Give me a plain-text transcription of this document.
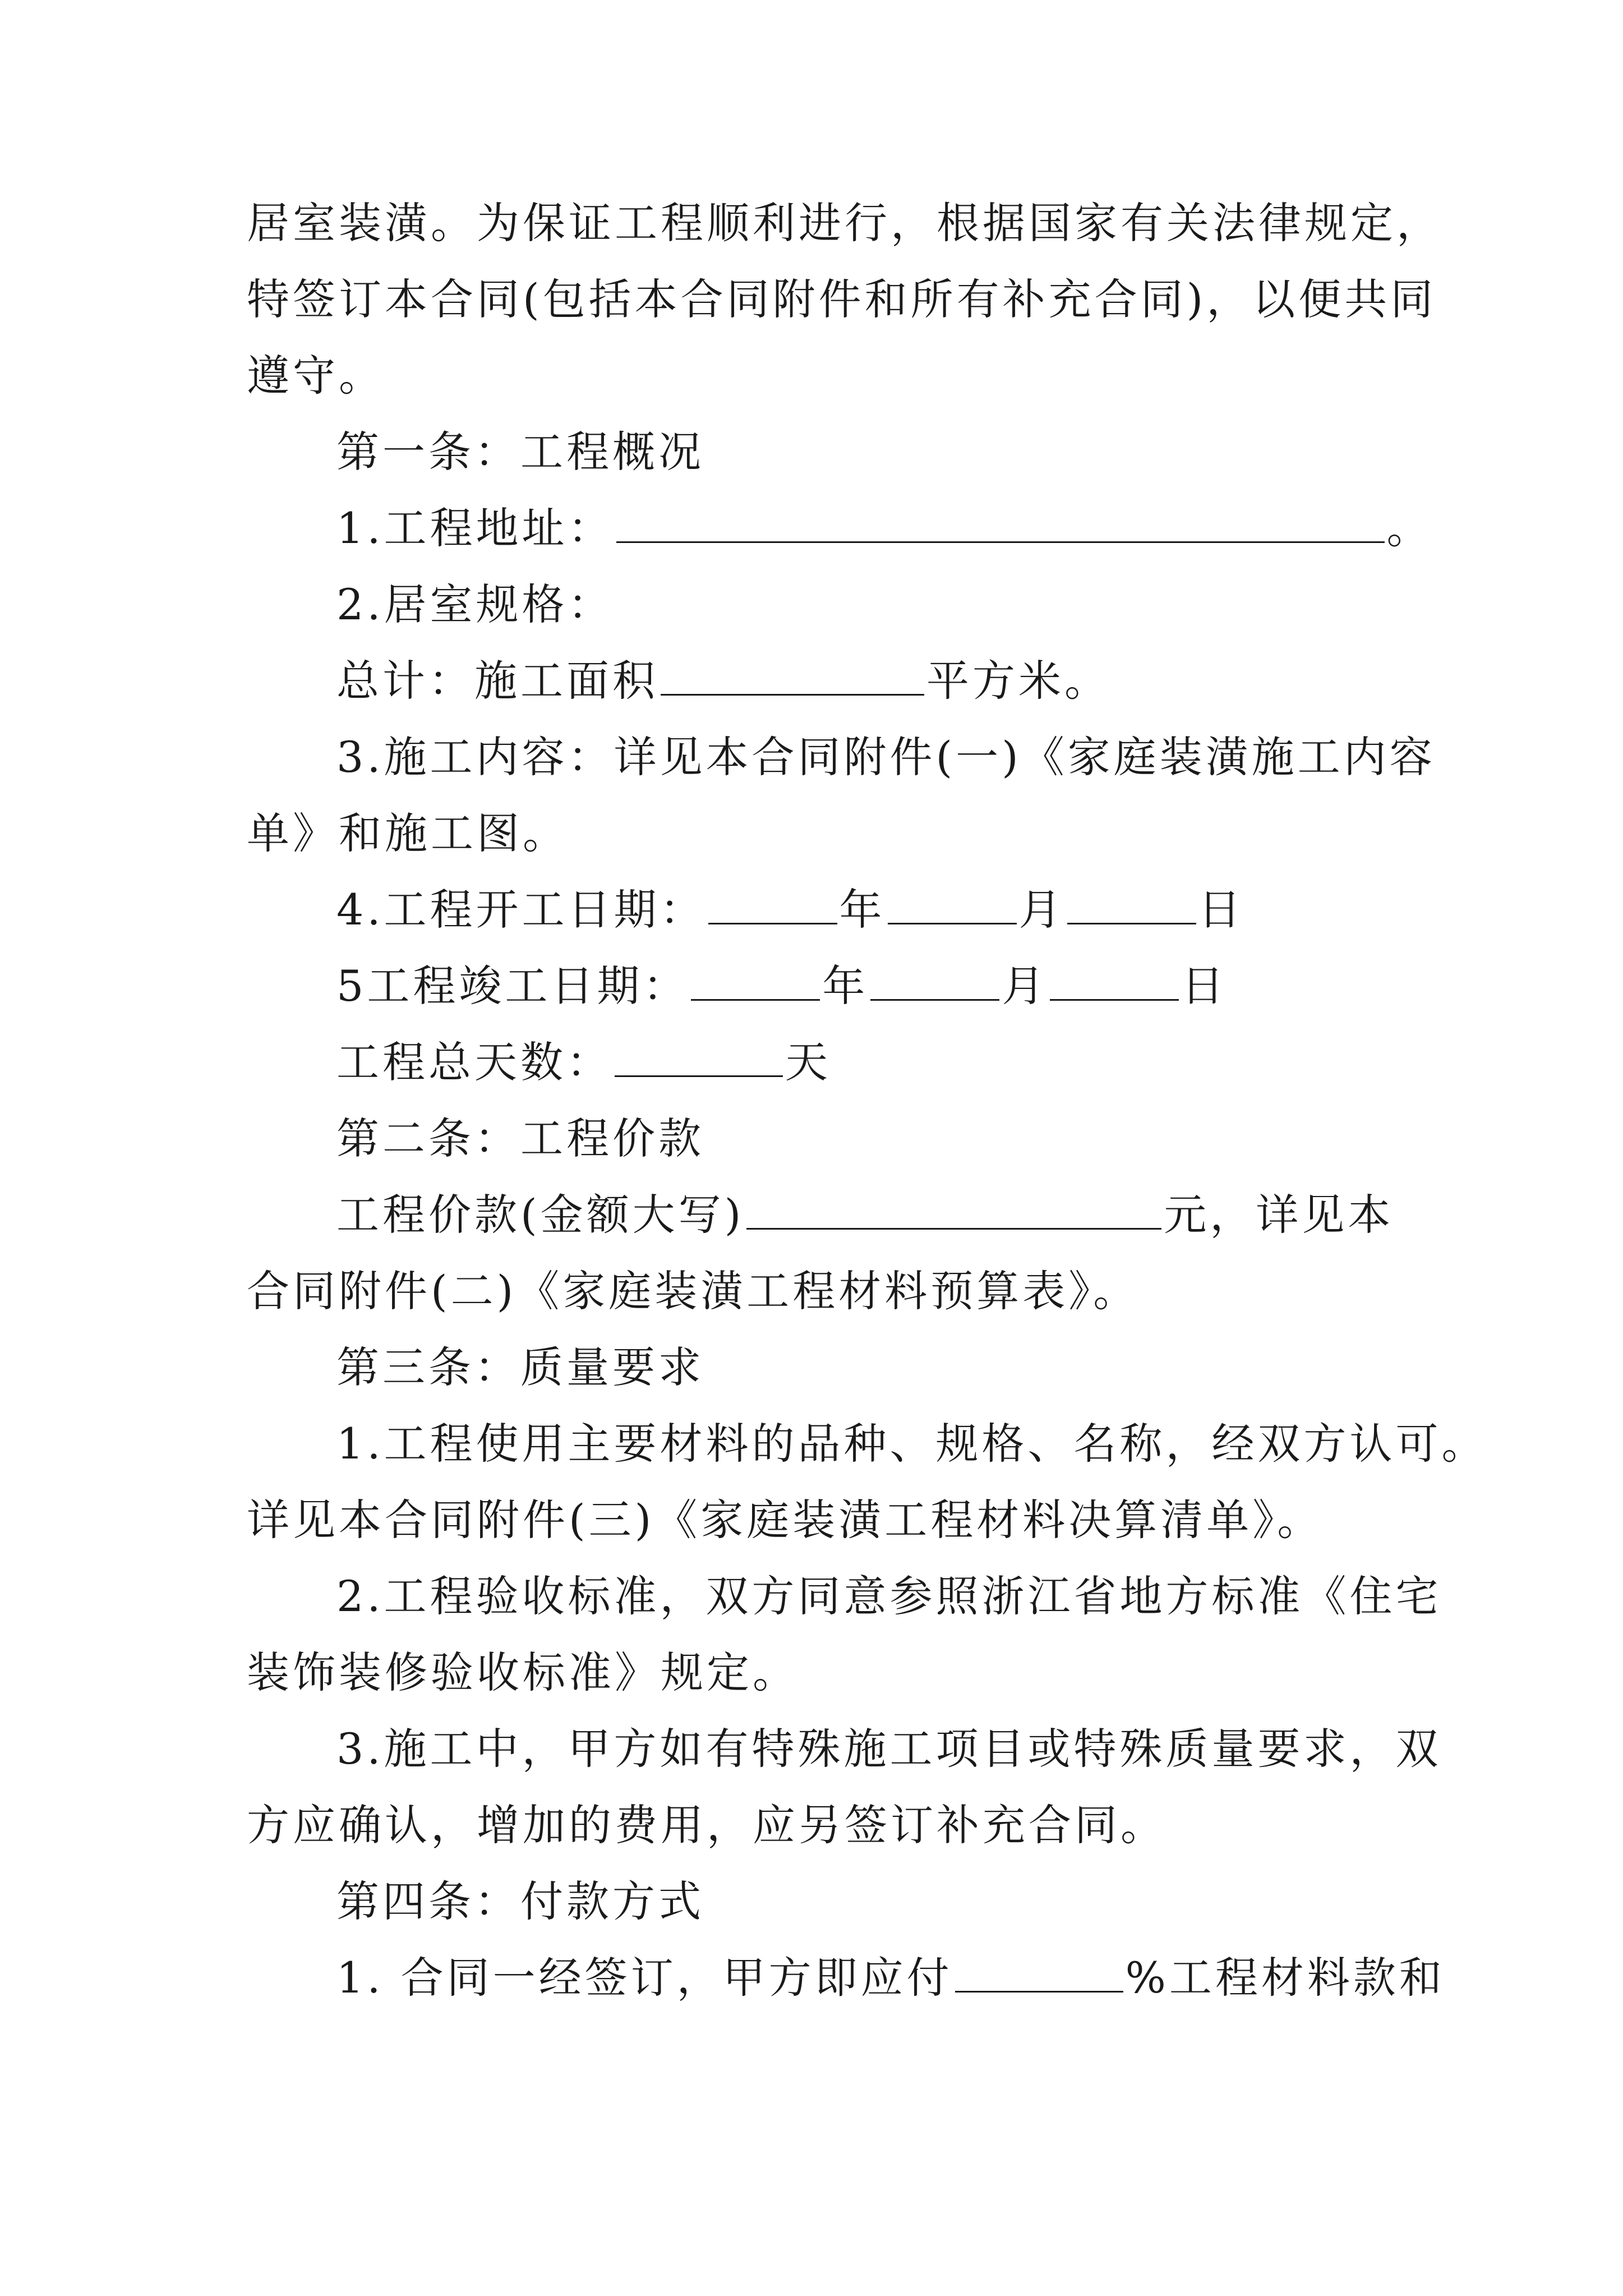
居室装潢。为保证工程顺利进行，根据国家有关法律规定，
特签订本合同(包括本合同附件和所有补充合同)，以便共同
遵守。
第一条：工程概况
1.工程地址：	。
2.居室规格：
总计：施工面积	平方米。
3.施工内容：详见本合同附件(一)《家庭装潢施工内容
单》和施工图。
4.工程开工日期：	年	月	日
5工程竣工日期：	年	月	日
工程总天数：	天
第二条：工程价款
工程价款(金额大写)	元，详见本
合同附件(二)《家庭装潢工程材料预算表》。
第三条：质量要求
1.工程使用主要材料的品种、规格、名称，经双方认可。
详见本合同附件(三)《家庭装潢工程材料决算清单》。
2.工程验收标准，双方同意参照浙江省地方标准《住宅
装饰装修验收标准》规定。
3.施工中，甲方如有特殊施工项目或特殊质量要求，双
方应确认，增加的费用，应另签订补充合同。
第四条：付款方式
1. 合同一经签订，甲方即应付	%工程材料款和
